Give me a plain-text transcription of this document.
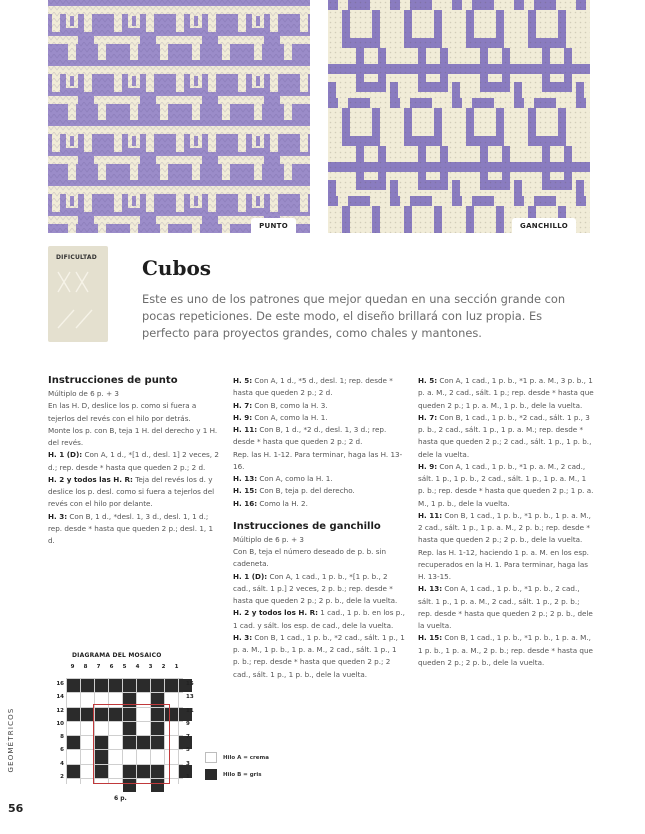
PUNTO	GANCHILLO
DIFICULTAD Cubos
Este es uno de los patrones que mejor quedan en una sección grande con pocas repeticiones. De este modo, el diseño brillará con luz propia. Es perfecto para proyectos grandes, como chales y mantones.
Instrucciones de punto

Múltiplo de 6 p. + 3

En las H. D, deslice los p. como si fuera a tejerlos del revés con el hilo por detrás.

Monte los p. con B, teja 1 H. del derecho y 1 H. del revés.

H. 1 (D): Con A, 1 d., *[1 d., desl. 1] 2 veces, 2 d.; rep. desde * hasta que queden 2 p.; 2 d.

H. 2 y todos las H. R: Teja del revés los d. y deslice los p. desl. como si fuera a tejerlos del revés con el hilo por delante.

H. 3: Con B, 1 d., *desl. 1, 3 d., desl. 1, 1 d.; rep. desde * hasta que queden 2 p.; desl. 1, 1 d.

H. 5: Con A, 1 d., *5 d., desl. 1; rep. desde * hasta que queden 2 p.; 2 d.

H. 7: Con B, como la H. 3.

H. 9: Con A, como la H. 1.

H. 11: Con B, 1 d., *2 d., desl. 1, 3 d.; rep. desde * hasta que queden 2 p.; 2 d.

Rep. las H. 1-12. Para terminar, haga las H. 13-16.

H. 13: Con A, como la H. 1.

H. 15: Con B, teja p. del derecho.

H. 16: Como la H. 2.

Instrucciones de ganchillo

Múltiplo de 6 p. + 3

Con B, teja el número deseado de p. b. sin cadeneta.

H. 1 (D): Con A, 1 cad., 1 p. b., *[1 p. b., 2 cad., sált. 1 p.] 2 veces, 2 p. b.; rep. desde * hasta que queden 2 p.; 2 p. b., dele la vuelta.

H. 2 y todos los H. R: 1 cad., 1 p. b. en los p., 1 cad. y sált. los esp. de cad., dele la vuelta.

H. 3: Con B, 1 cad., 1 p. b., *2 cad., sált. 1 p., 1 p. a. M., 1 p. b., 1 p. a. M., 2 cad., sált. 1 p., 1 p. b.; rep. desde * hasta que queden 2 p.; 2 cad., sált. 1 p., 1 p. b., dele la vuelta.

H. 5: Con A, 1 cad., 1 p. b., *1 p. a. M., 3 p. b., 1 p. a. M., 2 cad., sált. 1 p.; rep. desde * hasta que queden 2 p.; 1 p. a. M., 1 p. b., dele la vuelta.

H. 7: Con B, 1 cad., 1 p. b., *2 cad., sált. 1 p., 3 p. b., 2 cad., sált. 1 p., 1 p. a. M.; rep. desde * hasta que queden 2 p.; 2 cad., sált. 1 p., 1 p. b., dele la vuelta.

H. 9: Con A, 1 cad., 1 p. b., *1 p. a. M., 2 cad., sált. 1 p., 1 p. b., 2 cad., sált. 1 p., 1 p. a. M., 1 p. b.; rep. desde * hasta que queden 2 p.; 1 p. a. M., 1 p. b., dele la vuelta.

H. 11: Con B, 1 cad., 1 p. b., *1 p. b., 1 p. a. M., 2 cad., sált. 1 p., 1 p. a. M., 2 p. b.; rep. desde * hasta que queden 2 p.; 2 p. b., dele la vuelta.

Rep. las H. 1-12, haciendo 1 p. a. M. en los esp. recuperados en la H. 1. Para terminar, haga las H. 13-15.

H. 13: Con A, 1 cad., 1 p. b., *1 p. b., 2 cad., sált. 1 p., 1 p. a. M., 2 cad., sált. 1 p., 2 p. b.; rep. desde * hasta que queden 2 p.; 2 p. b., dele la vuelta.

H. 15: Con B, 1 cad., 1 p. b., *1 p. b., 1 p. a. M., 1 p. b., 1 p. a. M., 2 p. b.; rep. desde * hasta que queden 2 p.; 2 p. b., dele la vuelta.

DIAGRAMA DEL MOSAICO
9	8	7	6	5	4	3	2	1
16
14
12
10
8
6
4
2
15
13
11
9
7
5
3
1
6 p.
Hilo A = crema
Hilo B = gris
GEOMÉTRICOS
56
